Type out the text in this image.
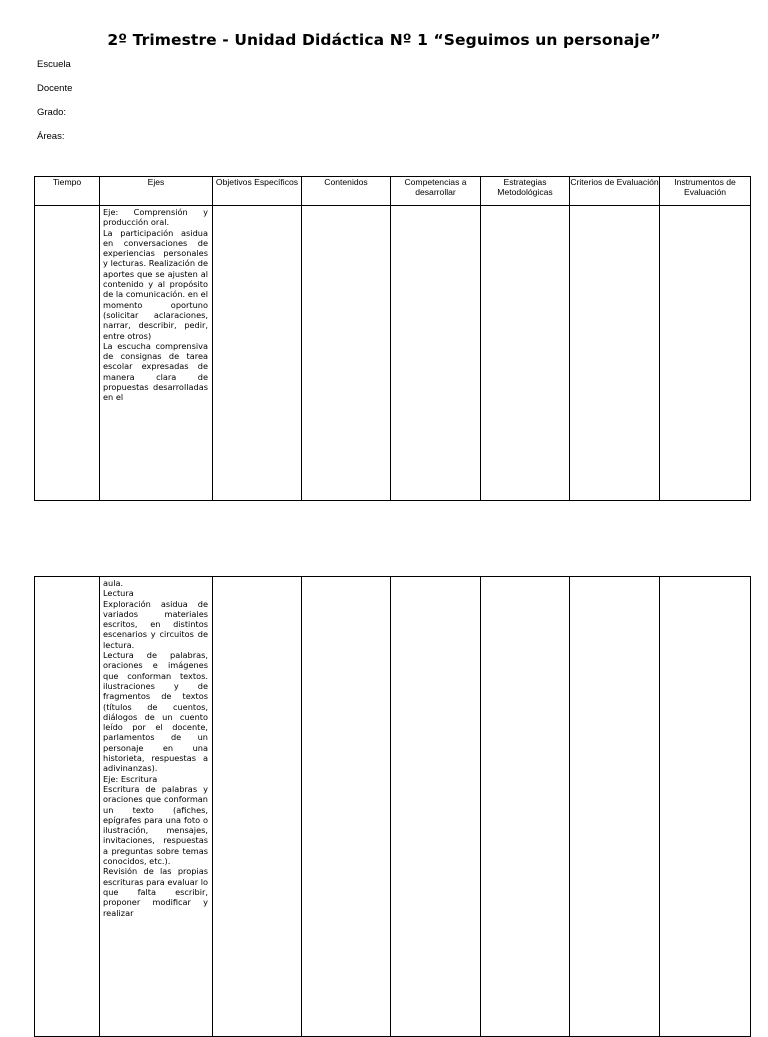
2º Trimestre - Unidad Didáctica Nº 1 “Seguimos un personaje”
Escuela
Docente
Grado:
Áreas:
Tiempo	Ejes	Objetivos Específicos	Contenidos	Competencias a desarrollar	Estrategias Metodológicas	Criterios de Evaluación	Instrumentos de Evaluación

	Eje: Comprensión y producción oral.
La participación asidua en conversaciones de experiencias personales y lecturas. Realización de aportes que se ajusten al contenido y al propósito de la comunicación. en el momento oportuno (solicitar aclaraciones, narrar, describir, pedir, entre otros)
La escucha comprensiva de consignas de tarea escolar expresadas de manera clara de propuestas desarrolladas en el						

aula.
Lectura
Exploración asidua de variados materiales escritos, en distintos escenarios y circuitos de lectura.
Lectura de palabras, oraciones e imágenes que conforman textos. ilustraciones y de fragmentos de textos (títulos de cuentos, diálogos de un cuento leído por el docente, parlamentos de un personaje en una historieta, respuestas a adivinanzas).
Eje: Escritura
Escritura de palabras y oraciones que conforman un texto (afiches, epígrafes para una foto o ilustración, mensajes, invitaciones, respuestas a preguntas sobre temas conocidos, etc.).
Revisión de las propias escrituras para evaluar lo que falta escribir, proponer modificar y realizar
